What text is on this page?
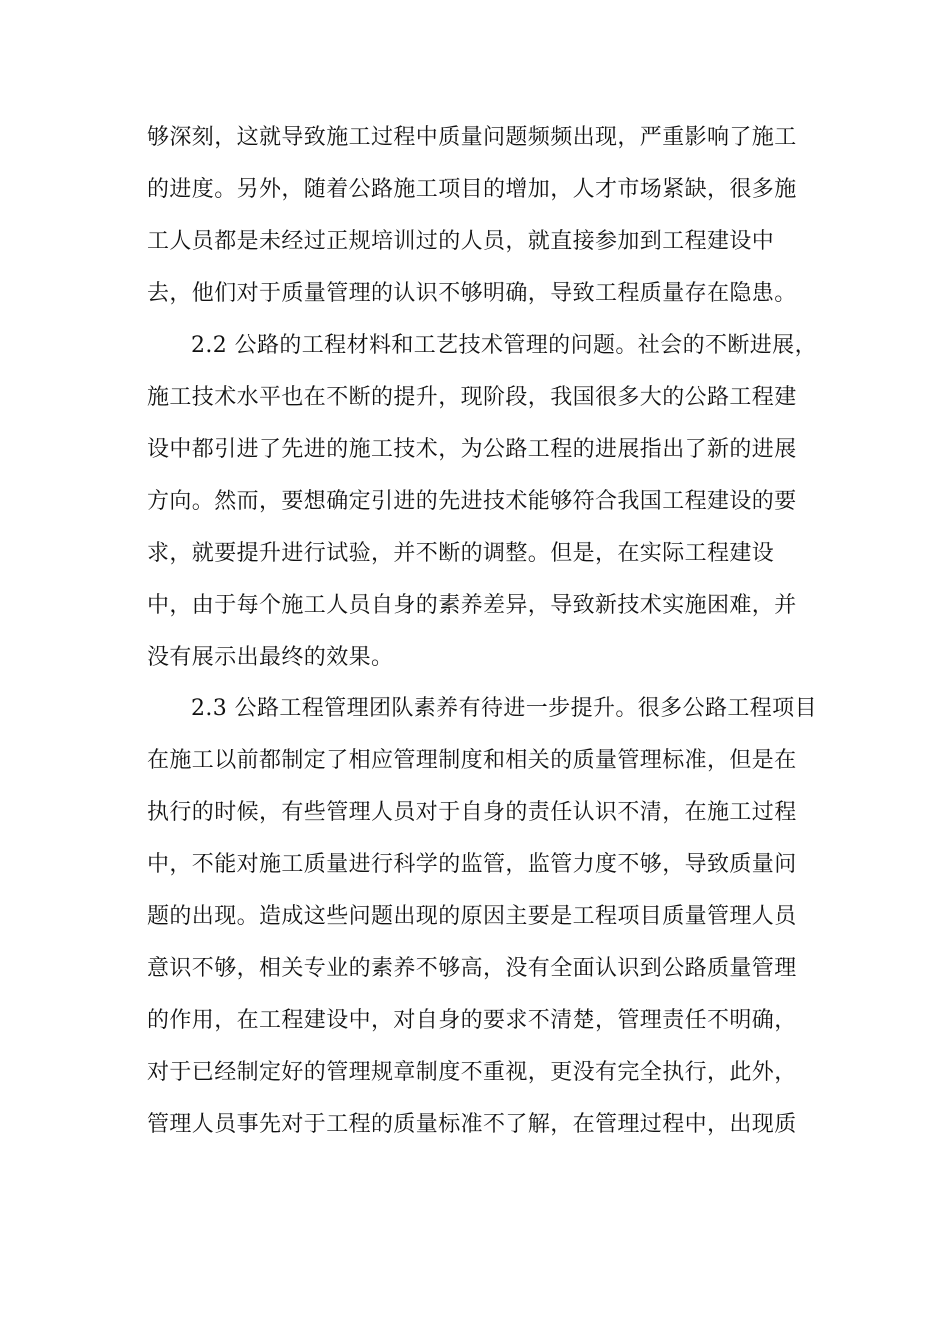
够深刻，这就导致施工过程中质量问题频频出现，严重影响了施工
的进度。另外，随着公路施工项目的增加，人才市场紧缺，很多施
工人员都是未经过正规培训过的人员，就直接参加到工程建设中
去，他们对于质量管理的认识不够明确，导致工程质量存在隐患。
2.2 公路的工程材料和工艺技术管理的问题。社会的不断进展，
施工技术水平也在不断的提升，现阶段，我国很多大的公路工程建
设中都引进了先进的施工技术，为公路工程的进展指出了新的进展
方向。然而，要想确定引进的先进技术能够符合我国工程建设的要
求，就要提升进行试验，并不断的调整。但是，在实际工程建设
中，由于每个施工人员自身的素养差异，导致新技术实施困难，并
没有展示出最终的效果。
2.3 公路工程管理团队素养有待进一步提升。很多公路工程项目
在施工以前都制定了相应管理制度和相关的质量管理标准，但是在
执行的时候，有些管理人员对于自身的责任认识不清，在施工过程
中，不能对施工质量进行科学的监管，监管力度不够，导致质量问
题的出现。造成这些问题出现的原因主要是工程项目质量管理人员
意识不够，相关专业的素养不够高，没有全面认识到公路质量管理
的作用，在工程建设中，对自身的要求不清楚，管理责任不明确，
对于已经制定好的管理规章制度不重视，更没有完全执行，此外，
管理人员事先对于工程的质量标准不了解，在管理过程中，出现质
